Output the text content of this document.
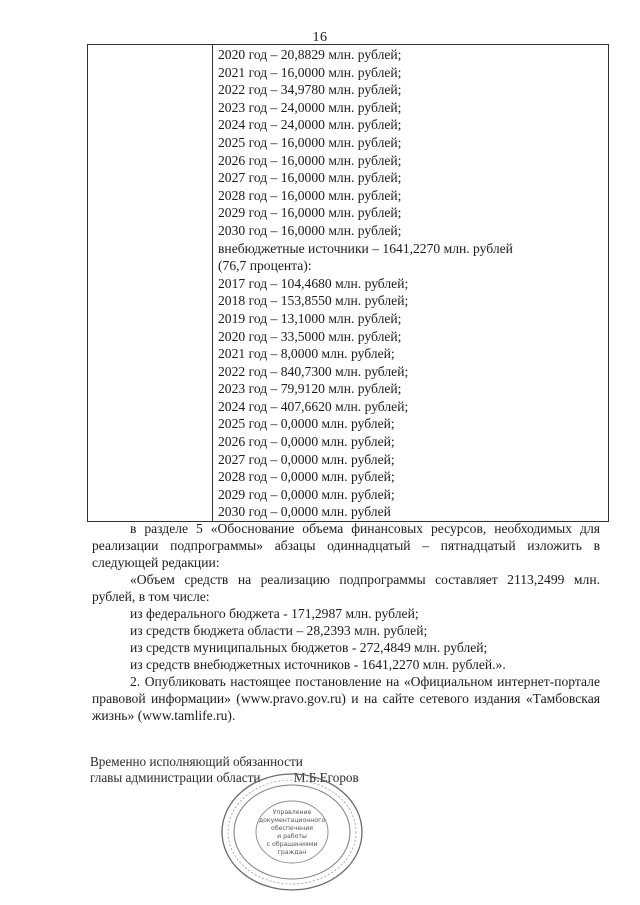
16

2020 год – 20,8829 млн. рублей;
2021 год – 16,0000 млн. рублей;
2022 год – 34,9780 млн. рублей;
2023 год – 24,0000 млн. рублей;
2024 год – 24,0000 млн. рублей;
2025 год – 16,0000 млн. рублей;
2026 год – 16,0000 млн. рублей;
2027 год – 16,0000 млн. рублей;
2028 год – 16,0000 млн. рублей;
2029 год – 16,0000 млн. рублей;
2030 год – 16,0000 млн. рублей;
внебюджетные источники – 1641,2270 млн. рублей (76,7 процента):
2017 год – 104,4680 млн. рублей;
2018 год – 153,8550 млн. рублей;
2019 год – 13,1000 млн. рублей;
2020 год – 33,5000 млн. рублей;
2021 год – 8,0000 млн. рублей;
2022 год – 840,7300 млн. рублей;
2023 год – 79,9120 млн. рублей;
2024 год – 407,6620 млн. рублей;
2025 год – 0,0000 млн. рублей;
2026 год – 0,0000 млн. рублей;
2027 год – 0,0000 млн. рублей;
2028 год – 0,0000 млн. рублей;
2029 год – 0,0000 млн. рублей;
2030 год – 0,0000 млн. рублей

в разделе 5 «Обоснование объема финансовых ресурсов, необходимых для реализации подпрограммы» абзацы одиннадцатый – пятнадцатый изложить в следующей редакции:

«Объем средств на реализацию подпрограммы составляет 2113,2499 млн. рублей, в том числе:

из федерального бюджета - 171,2987 млн. рублей;
из средств бюджета области – 28,2393 млн. рублей;
из средств муниципальных бюджетов - 272,4849 млн. рублей;
из средств внебюджетных источников - 1641,2270 млн. рублей.».

2. Опубликовать настоящее постановление на «Официальном интернет-портале правовой информации» (www.pravo.gov.ru) и на сайте сетевого издания «Тамбовская жизнь» (www.tamlife.ru).

Временно исполняющий обязанности
главы администрации области	М.Б.Егоров
Управление
документационного
обеспечения
и работы
с обращениями
граждан
